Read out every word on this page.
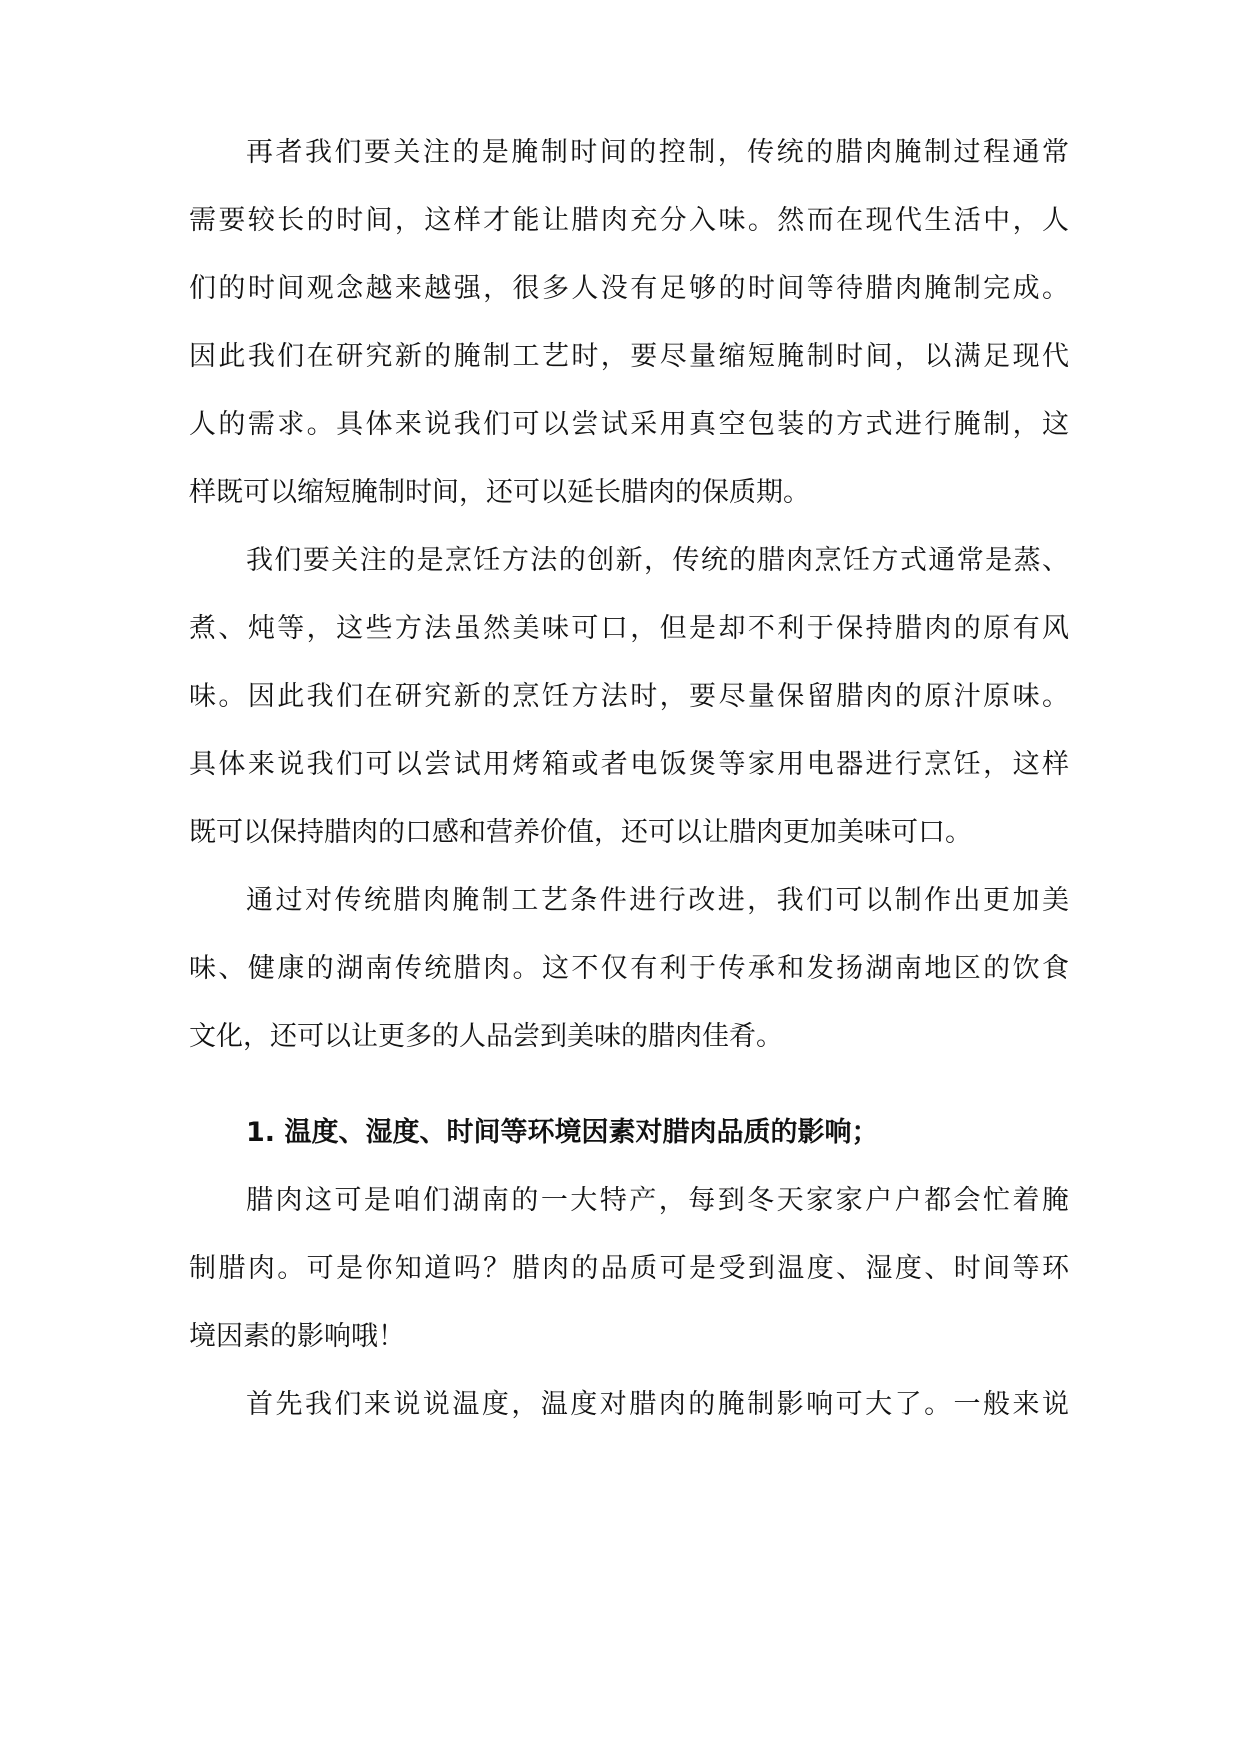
再者我们要关注的是腌制时间的控制，传统的腊肉腌制过程通常
需要较长的时间，这样才能让腊肉充分入味。然而在现代生活中，人
们的时间观念越来越强，很多人没有足够的时间等待腊肉腌制完成。
因此我们在研究新的腌制工艺时，要尽量缩短腌制时间，以满足现代
人的需求。具体来说我们可以尝试采用真空包装的方式进行腌制，这
样既可以缩短腌制时间，还可以延长腊肉的保质期。
我们要关注的是烹饪方法的创新，传统的腊肉烹饪方式通常是蒸、
煮、炖等，这些方法虽然美味可口，但是却不利于保持腊肉的原有风
味。因此我们在研究新的烹饪方法时，要尽量保留腊肉的原汁原味。
具体来说我们可以尝试用烤箱或者电饭煲等家用电器进行烹饪，这样
既可以保持腊肉的口感和营养价值，还可以让腊肉更加美味可口。
通过对传统腊肉腌制工艺条件进行改进，我们可以制作出更加美
味、健康的湖南传统腊肉。这不仅有利于传承和发扬湖南地区的饮食
文化，还可以让更多的人品尝到美味的腊肉佳肴。
1. 温度、湿度、时间等环境因素对腊肉品质的影响；
腊肉这可是咱们湖南的一大特产，每到冬天家家户户都会忙着腌
制腊肉。可是你知道吗？腊肉的品质可是受到温度、湿度、时间等环
境因素的影响哦！
首先我们来说说温度，温度对腊肉的腌制影响可大了。一般来说
